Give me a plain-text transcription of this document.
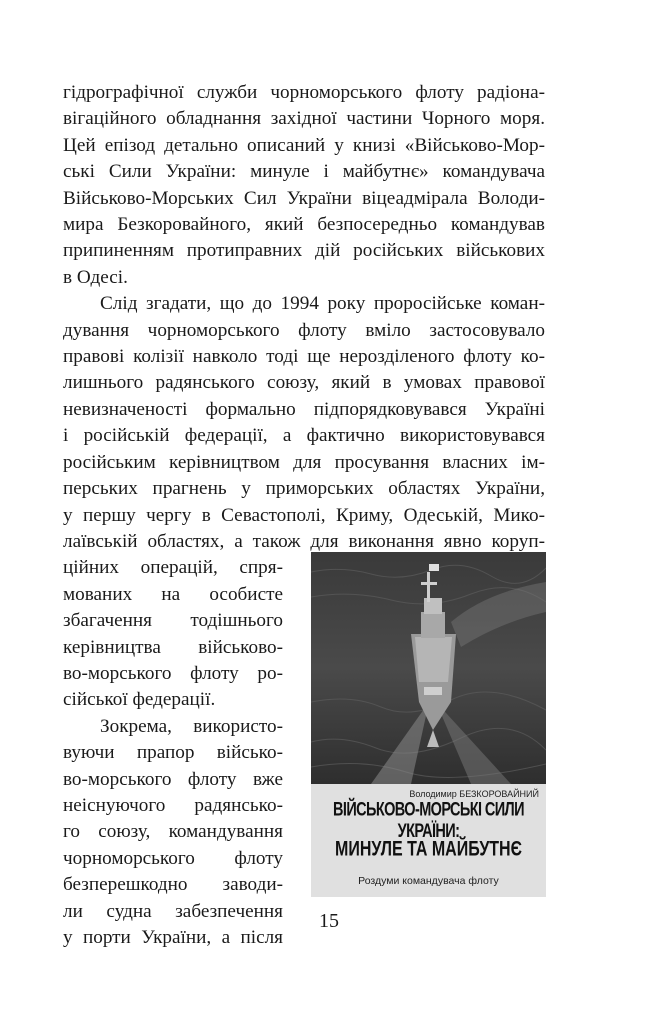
гідрографічної служби чорноморського флоту радіона-
вігаційного обладнання західної частини Чорного моря.
Цей епізод детально описаний у книзі «Військово-Мор-
ські Сили України: минуле і майбутнє» командувача
Військово-Морських Сил України віцеадмірала Володи-
мира Безкоровайного, який безпосередньо командував
припиненням протиправних дій російських військових
в Одесі.
Слід згадати, що до 1994 року проросійське коман-
дування чорноморського флоту вміло застосовувало
правові колізії навколо тоді ще нерозділеного флоту ко-
лишнього радянського союзу, який в умовах правової
невизначеності формально підпорядковувався Україні
і російській федерації, а фактично використовувався
російським керівництвом для просування власних ім-
перських прагнень у приморських областях України,
у першу чергу в Севастополі, Криму, Одеській, Мико-
лаївській областях, а також для виконання явно коруп-
ційних операцій, спря-
мованих на особисте
збагачення тодішнього
керівництва військово-
во-морського флоту ро-
сійської федерації.
Зокрема, використо-
вуючи прапор військо-
во-морського флоту вже
неіснуючого радянсько-
го союзу, командування
чорноморського флоту
безперешкодно заводи-
ли судна забезпечення
у порти України, а після
Володимир БЕЗКОРОВАЙНИЙ
ВІЙСЬКОВО-МОРСЬКІ СИЛИ УКРАЇНИ:
МИНУЛЕ ТА МАЙБУТНЄ
Роздуми командувача флоту
15
